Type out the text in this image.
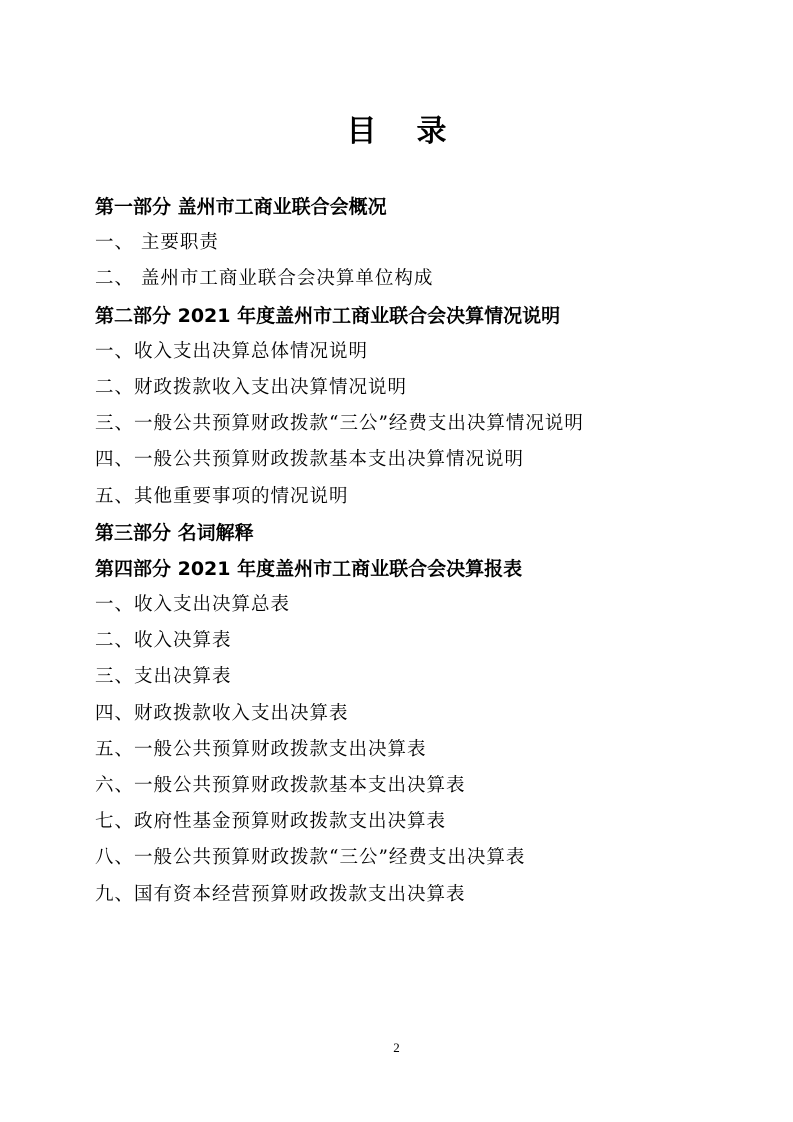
目录
第一部分 盖州市工商业联合会概况
一、 主要职责
二、 盖州市工商业联合会决算单位构成
第二部分 2021 年度盖州市工商业联合会决算情况说明
一、收入支出决算总体情况说明
二、财政拨款收入支出决算情况说明
三、一般公共预算财政拨款“三公”经费支出决算情况说明
四、一般公共预算财政拨款基本支出决算情况说明
五、其他重要事项的情况说明
第三部分 名词解释
第四部分 2021 年度盖州市工商业联合会决算报表
一、收入支出决算总表
二、收入决算表
三、支出决算表
四、财政拨款收入支出决算表
五、一般公共预算财政拨款支出决算表
六、一般公共预算财政拨款基本支出决算表
七、政府性基金预算财政拨款支出决算表
八、一般公共预算财政拨款“三公”经费支出决算表
九、国有资本经营预算财政拨款支出决算表
2
